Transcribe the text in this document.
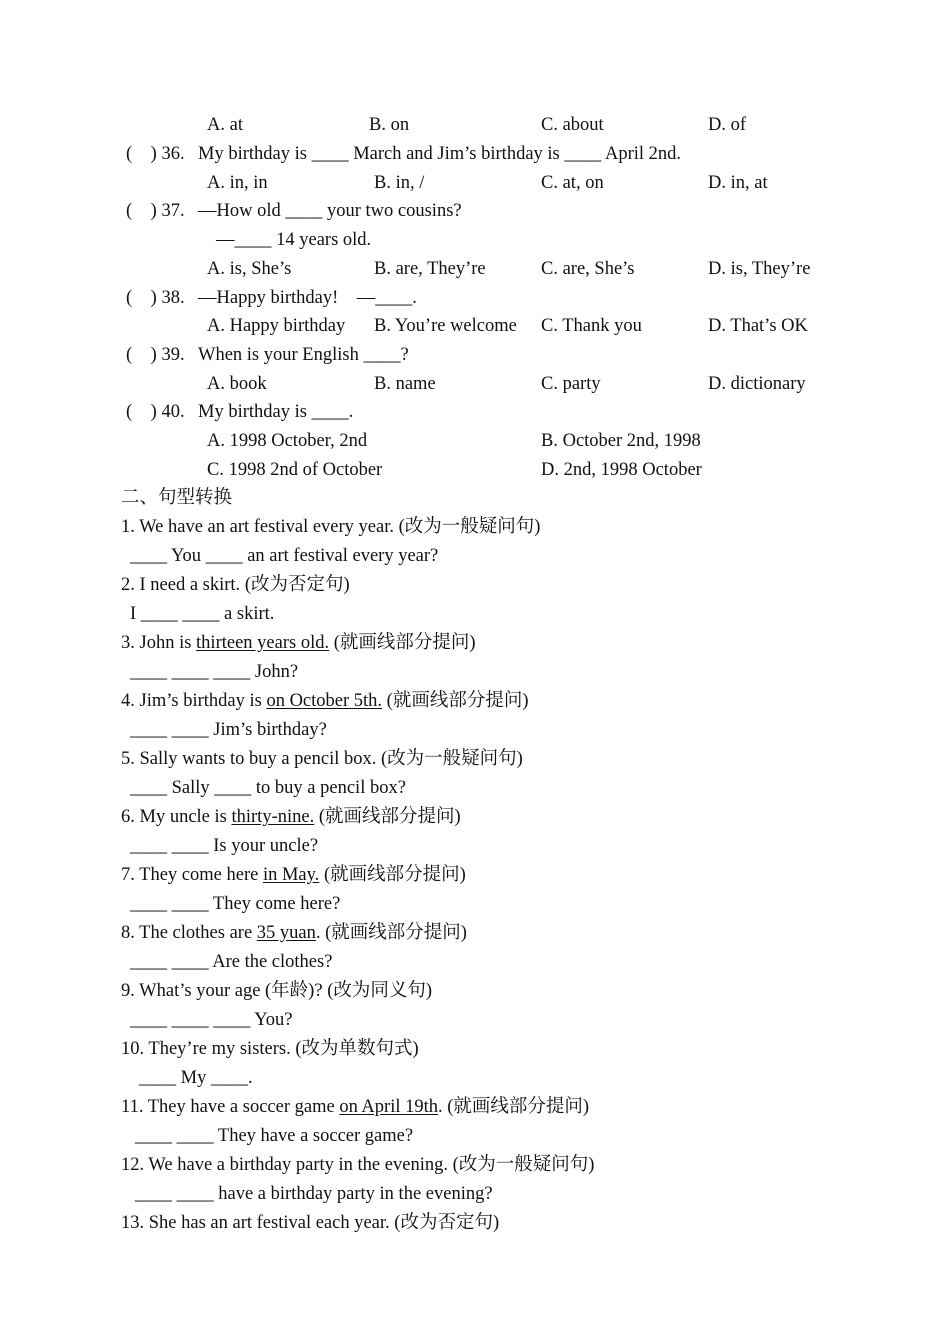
A. at	B. on	C. about	D. of
(　) 36. My birthday is ____ March and Jim’s birthday is ____ April 2nd.
A. in, in	B. in, /	C. at, on	D. in, at
(　) 37. —How old ____ your two cousins?
—____ 14 years old.
A. is, She’s	B. are, They’re	C. are, She’s	D. is, They’re
(　) 38. —Happy birthday!　—____.
A. Happy birthday B. You’re welcome C. Thank you	D. That’s OK
(　) 39. When is your English ____?
A. book	B. name	C. party	D. dictionary
(　) 40. My birthday is ____.
A. 1998 October, 2nd	B. October 2nd, 1998
C. 1998 2nd of October	D. 2nd, 1998 October
二、句型转换
1. We have an art festival every year. (改为一般疑问句)
____ You ____ an art festival every year?
2. I need a skirt. (改为否定句)
I ____ ____ a skirt.
3. John is thirteen years old. (就画线部分提问)
____ ____ ____ John?
4. Jim’s birthday is on October 5th. (就画线部分提问)
____ ____ Jim’s birthday?
5. Sally wants to buy a pencil box. (改为一般疑问句)
____ Sally ____ to buy a pencil box?
6. My uncle is thirty-nine. (就画线部分提问)
____ ____ Is your uncle?
7. They come here in May. (就画线部分提问)
____ ____ They come here?
8. The clothes are 35 yuan. (就画线部分提问)
____ ____ Are the clothes?
9. What’s your age (年龄)? (改为同义句)
____ ____ ____ You?
10. They’re my sisters. (改为单数句式)
____ My ____.
11. They have a soccer game on April 19th. (就画线部分提问)
____ ____ They have a soccer game?
12. We have a birthday party in the evening. (改为一般疑问句)
____ ____ have a birthday party in the evening?
13. She has an art festival each year. (改为否定句)
